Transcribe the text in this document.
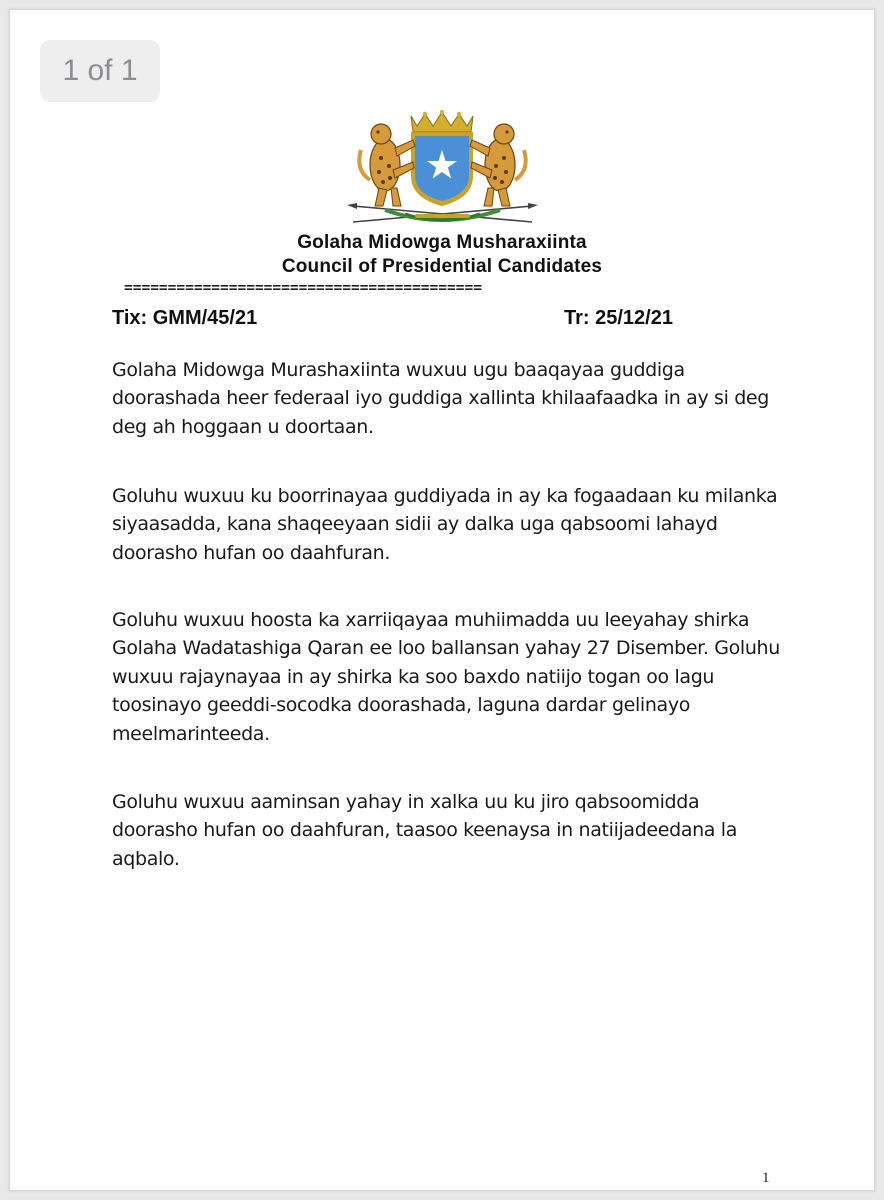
1 of 1
Golaha Midowga Musharaxiinta
Council of Presidential Candidates
=========================================
Tix: GMM/45/21	Tr: 25/12/21

Golaha Midowga Murashaxiinta wuxuu ugu baaqayaa guddiga doorashada heer federaal iyo guddiga xallinta khilaafaadka in ay si deg deg ah hoggaan u doortaan.

Goluhu wuxuu ku boorrinayaa guddiyada in ay ka fogaadaan ku milanka siyaasadda, kana shaqeeyaan sidii ay dalka uga qabsoomi lahayd doorasho hufan oo daahfuran.

Goluhu wuxuu hoosta ka xarriiqayaa muhiimadda uu leeyahay shirka Golaha Wadatashiga Qaran ee loo ballansan yahay 27 Disember. Goluhu wuxuu rajaynayaa in ay shirka ka soo baxdo natiijo togan oo lagu toosinayo geeddi-socodka doorashada, laguna dardar gelinayo meelmarinteeda.

Goluhu wuxuu aaminsan yahay in xalka uu ku jiro qabsoomidda doorasho hufan oo daahfuran, taasoo keenaysa in natiijadeedana la aqbalo.

1
